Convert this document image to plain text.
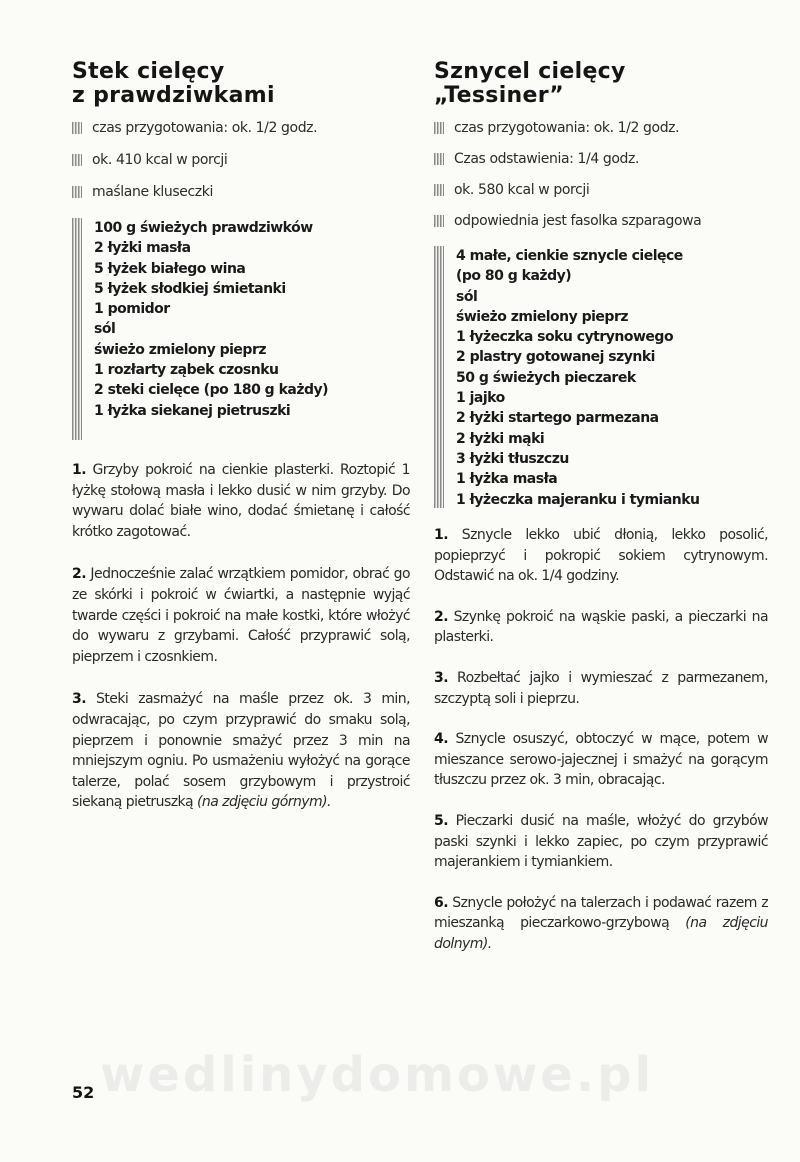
wedlinydomowe.pl
Stek cielęcy
z prawdziwkami
czas przygotowania: ok. 1/2 godz.
ok. 410 kcal w porcji
maślane kluseczki
100 g świeżych prawdziwków
2 łyżki masła
5 łyżek białego wina
5 łyżek słodkiej śmietanki
1 pomidor
sól
świeżo zmielony pieprz
1 rozłarty ząbek czosnku
2 steki cielęce (po 180 g każdy)
1 łyżka siekanej pietruszki

1. Grzyby pokroić na cienkie plasterki. Roztopić 1 łyżkę stołową masła i lekko dusić w nim grzyby. Do wywaru dolać białe wino, dodać śmietanę i całość krótko zagotować.

2. Jednocześnie zalać wrzątkiem pomidor, obrać go ze skórki i pokroić w ćwiartki, a następnie wyjąć twarde części i pokroić na małe kostki, które włożyć do wywaru z grzybami. Całość przyprawić solą, pieprzem i czosnkiem.

3. Steki zasmażyć na maśle przez ok. 3 min, odwracając, po czym przyprawić do smaku solą, pieprzem i ponownie smażyć przez 3 min na mniejszym ogniu. Po usmażeniu wyłożyć na gorące talerze, polać sosem grzybowym i przystroić siekaną pietruszką (na zdjęciu górnym).

Sznycel cielęcy
„Tessiner”
czas przygotowania: ok. 1/2 godz.
Czas odstawienia: 1/4 godz.
ok. 580 kcal w porcji
odpowiednia jest fasolka szparagowa
4 małe, cienkie sznycle cielęce
(po 80 g każdy)
sól
świeżo zmielony pieprz
1 łyżeczka soku cytrynowego
2 plastry gotowanej szynki
50 g świeżych pieczarek
1 jajko
2 łyżki startego parmezana
2 łyżki mąki
3 łyżki tłuszczu
1 łyżka masła
1 łyżeczka majeranku i tymianku

1. Sznycle lekko ubić dłonią, lekko posolić, popieprzyć i pokropić sokiem cytrynowym. Odstawić na ok. 1/4 godziny.

2. Szynkę pokroić na wąskie paski, a pieczarki na plasterki.

3. Rozbełtać jajko i wymieszać z parmezanem, szczyptą soli i pieprzu.

4. Sznycle osuszyć, obtoczyć w mące, potem w mieszance serowo-jajecznej i smażyć na gorącym tłuszczu przez ok. 3 min, obracając.

5. Pieczarki dusić na maśle, włożyć do grzybów paski szynki i lekko zapiec, po czym przyprawić majerankiem i tymiankiem.

6. Sznycle położyć na talerzach i podawać razem z mieszanką pieczarkowo-grzybową (na zdjęciu dolnym).

52
